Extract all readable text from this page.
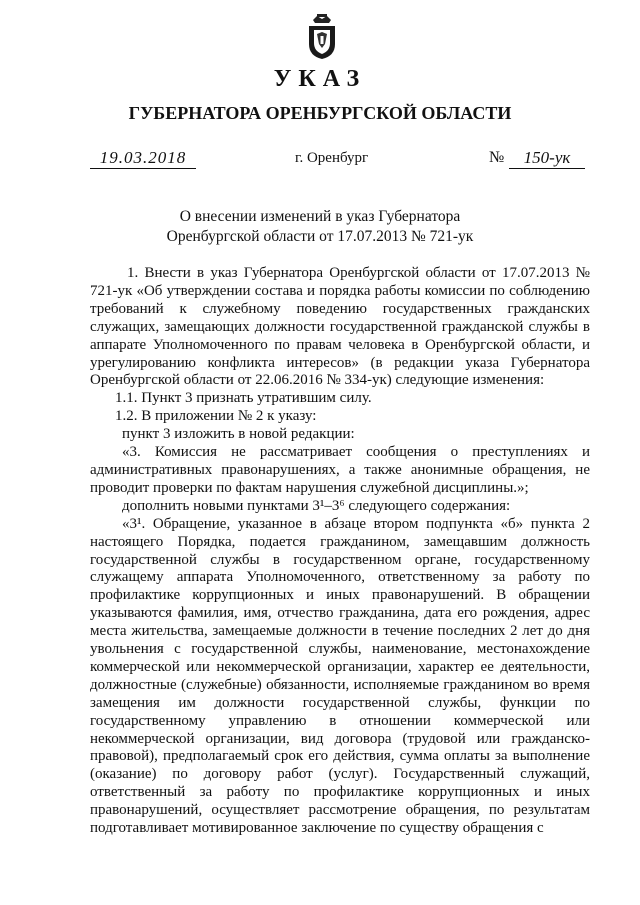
УКАЗ
ГУБЕРНАТОРА ОРЕНБУРГСКОЙ ОБЛАСТИ
19.03.2018	г. Оренбург	№	150-ук
О внесении изменений в указ Губернатора
Оренбургской области от 17.07.2013 № 721-ук

1. Внести в указ Губернатора Оренбургской области от 17.07.2013 № 721-ук «Об утверждении состава и порядка работы комиссии по соблюдению требований к служебному поведению государственных гражданских служащих, замещающих должности государственной гражданской службы в аппарате Уполномоченного по правам человека в Оренбургской области, и урегулированию конфликта интересов» (в редакции указа Губернатора Оренбургской области от 22.06.2016 № 334-ук) следующие изменения:

1.1. Пункт 3 признать утратившим силу.

1.2. В приложении № 2 к указу:

пункт 3 изложить в новой редакции:

«3. Комиссия не рассматривает сообщения о преступлениях и административных правонарушениях, а также анонимные обращения, не проводит проверки по фактам нарушения служебной дисциплины.»;

дополнить новыми пунктами 3¹–3⁶ следующего содержания:

«3¹. Обращение, указанное в абзаце втором подпункта «б» пункта 2 настоящего Порядка, подается гражданином, замещавшим должность государственной службы в государственном органе, государственному служащему аппарата Уполномоченного, ответственному за работу по профилактике коррупционных и иных правонарушений. В обращении указываются фамилия, имя, отчество гражданина, дата его рождения, адрес места жительства, замещаемые должности в течение последних 2 лет до дня увольнения с государственной службы, наименование, местонахождение коммерческой или некоммерческой организации, характер ее деятельности, должностные (служебные) обязанности, исполняемые гражданином во время замещения им должности государственной службы, функции по государственному управлению в отношении коммерческой или некоммерческой организации, вид договора (трудовой или гражданско-правовой), предполагаемый срок его действия, сумма оплаты за выполнение (оказание) по договору работ (услуг). Государственный служащий, ответственный за работу по профилактике коррупционных и иных правонарушений, осуществляет рассмотрение обращения, по результатам подготавливает мотивированное заключение по существу обращения с
